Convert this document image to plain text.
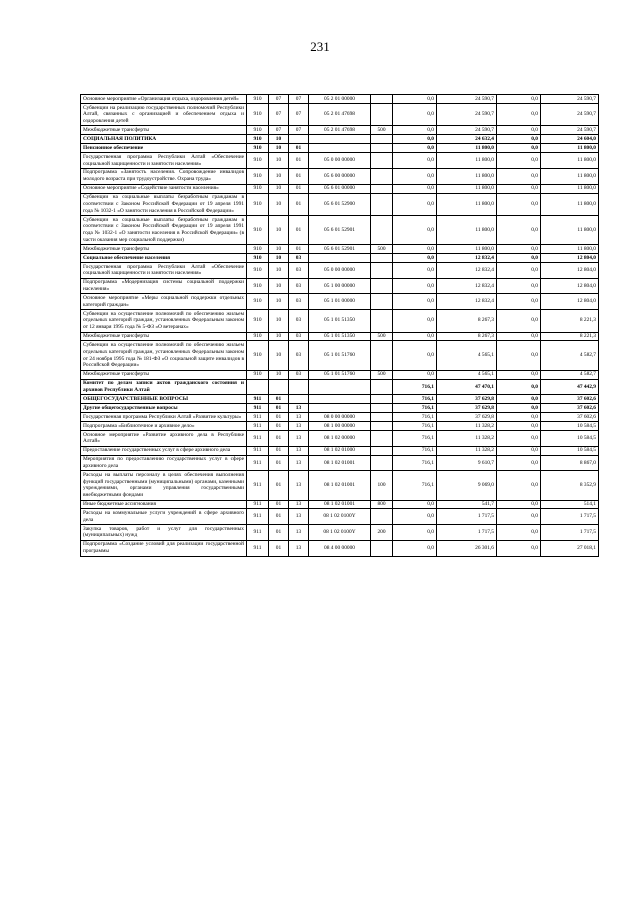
231
Основное мероприятие «Организация отдыха, оздоровления детей»	910	07	07	05 2 01 00000		0,0	24 590,7	0,0	24 590,7
Субвенции на реализацию государственных полномочий Республики Алтай, связанных с организацией и обеспечением отдыха и оздоровления детей	910	07	07	05 2 01 47698		0,0	24 590,7	0,0	24 590,7
Межбюджетные трансферты	910	07	07	05 2 01 47698	500	0,0	24 590,7	0,0	24 590,7
СОЦИАЛЬНАЯ ПОЛИТИКА	910	10				0,0	24 632,4	0,0	24 604,0
Пенсионное обеспечение	910	10	01			0,0	11 800,0	0,0	11 800,0
Государственная программа Республики Алтай «Обеспечение социальной защищенности и занятости населения»	910	10	01	05 0 00 00000		0,0	11 800,0	0,0	11 800,0
Подпрограмма «Занятость населения. Сопровождение инвалидов молодого возраста при трудоустройстве. Охрана труда»	910	10	01	05 6 00 00000		0,0	11 800,0	0,0	11 800,0
Основное мероприятие «Содействие занятости населения»	910	10	01	05 6 01 00000		0,0	11 800,0	0,0	11 800,0
Субвенции на социальные выплаты безработным гражданам в соответствии с Законом Российской Федерации от 19 апреля 1991 года № 1032-1 «О занятости населения в Российской Федерации»	910	10	01	05 6 01 52900		0,0	11 800,0	0,0	11 800,0
Субвенции на социальные выплаты безработным гражданам в соответствии с Законом Российской Федерации от 19 апреля 1991 года № 1032-1 «О занятости населения в Российской Федерации» (в части оказания мер социальной поддержки)	910	10	01	05 6 01 52901		0,0	11 800,0	0,0	11 800,0
Межбюджетные трансферты	910	10	01	05 6 01 52901	500	0,0	11 800,0	0,0	11 800,0
Социальное обеспечение населения	910	10	03			0,0	12 832,4	0,0	12 804,0
Государственная программа Республики Алтай «Обеспечение социальной защищенности и занятости населения»	910	10	03	05 0 00 00000		0,0	12 832,4	0,0	12 804,0
Подпрограмма «Модернизация системы социальной поддержки населения»	910	10	03	05 1 00 00000		0,0	12 832,4	0,0	12 804,0
Основное мероприятие «Меры социальной поддержки отдельных категорий граждан»	910	10	03	05 1 01 00000		0,0	12 832,4	0,0	12 804,0
Субвенции на осуществление полномочий по обеспечению жильем отдельных категорий граждан, установленных Федеральным законом от 12 января 1995 года № 5-ФЗ «О ветеранах»	910	10	03	05 1 01 51350		0,0	8 267,3	0,0	8 221,3
Межбюджетные трансферты	910	10	03	05 1 01 51350	500	0,0	8 267,3	0,0	8 221,3
Субвенции на осуществление полномочий по обеспечению жильем отдельных категорий граждан, установленных Федеральным законом от 24 ноября 1995 года № 181-ФЗ «О социальной защите инвалидов в Российской Федерации»	910	10	03	05 1 01 51760		0,0	4 565,1	0,0	4 582,7
Межбюджетные трансферты	910	10	03	05 1 01 51760	500	0,0	4 565,1	0,0	4 582,7
Комитет по делам записи актов гражданского состояния и архивов Республики Алтай						716,1	47 470,1	0,0	47 442,9
ОБЩЕГОСУДАРСТВЕННЫЕ ВОПРОСЫ	911	01				716,1	37 629,8	0,0	37 602,6
Другие общегосударственные вопросы	911	01	13			716,1	37 629,8	0,0	37 602,6
Государственная программа Республики Алтай «Развитие культуры»	911	01	13	08 0 00 00000		716,1	37 629,8	0,0	37 602,6
Подпрограмма «Библиотечное и архивное дело»	911	01	13	08 1 00 00000		716,1	11 328,2	0,0	10 584,5
Основное мероприятие «Развитие архивного дела в Республике Алтай»	911	01	13	08 1 02 00000		716,1	11 328,2	0,0	10 584,5
Предоставление государственных услуг в сфере архивного дела	911	01	13	08 1 02 01000		716,1	11 328,2	0,0	10 584,5
Мероприятия по предоставлению государственных услуг в сфере архивного дела	911	01	13	08 1 02 01001		716,1	9 610,7	0,0	8 867,0
Расходы на выплаты персоналу в целях обеспечения выполнения функций государственными (муниципальными) органами, казенными учреждениями, органами управления государственными внебюджетными фондами	911	01	13	08 1 02 01001	100	716,1	9 069,0	0,0	8 352,9
Иные бюджетные ассигнования	911	01	13	08 1 02 01001	800	0,0	541,7	0,0	514,1
Расходы на коммунальные услуги учреждений в сфере архивного дела	911	01	13	08 1 02 0100Y		0,0	1 717,5	0,0	1 717,5
Закупка товаров, работ и услуг для государственных (муниципальных) нужд	911	01	13	08 1 02 0100Y	200	0,0	1 717,5	0,0	1 717,5
Подпрограмма «Создание условий для реализации государственной программы	911	01	13	08 4 00 00000		0,0	26 301,6	0,0	27 018,1
